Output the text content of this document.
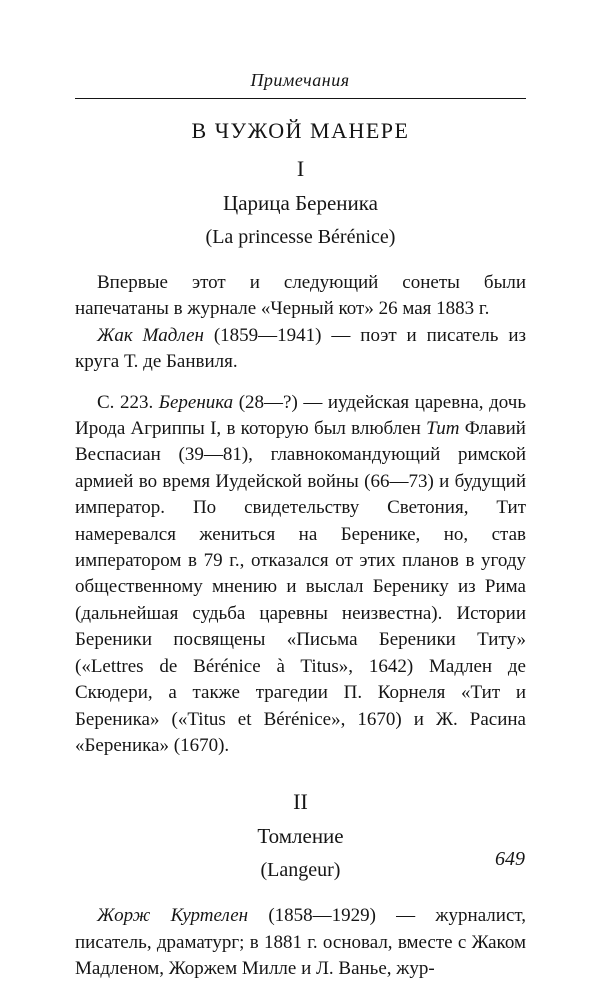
Примечания
В ЧУЖОЙ МАНЕРЕ
I
Царица Береника
(La princesse Bérénice)

Впервые этот и следующий сонеты были напечатаны в журнале «Черный кот» 26 мая 1883 г.

Жак Мадлен (1859—1941) — поэт и писатель из круга Т. де Банвиля.

С. 223. Береника (28—?) — иудейская царевна, дочь Ирода Агриппы I, в которую был влюблен Тит Флавий Веспасиан (39—81), главнокомандующий римской армией во время Иудейской войны (66—73) и будущий император. По свидетельству Светония, Тит намеревался жениться на Беренике, но, став императором в 79 г., отказался от этих планов в угоду общественному мнению и выслал Беренику из Рима (дальнейшая судьба царевны неизвестна). Истории Береники посвящены «Письма Береники Титу» («Lettres de Bérénice à Titus», 1642) Мадлен де Скюдери, а также трагедии П. Корнеля «Тит и Береника» («Titus et Bérénice», 1670) и Ж. Расина «Береника» (1670).

II
Томление
(Langeur)

Жорж Куртелен (1858—1929) — журналист, писатель, драматург; в 1881 г. основал, вместе с Жаком Мадленом, Жоржем Милле и Л. Ванье, жур-

649
